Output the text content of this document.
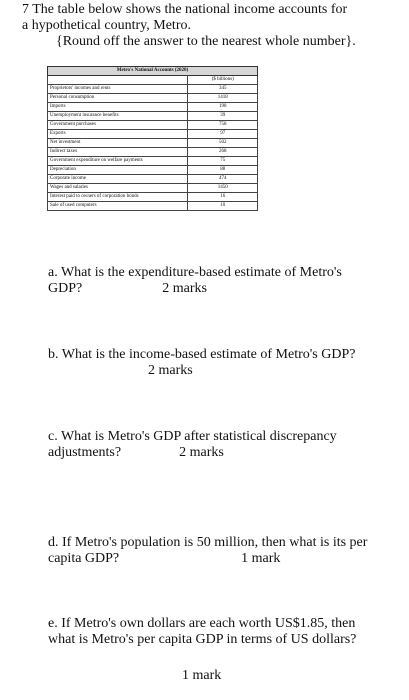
7 The table below shows the national income accounts for
a hypothetical country, Metro.
{Round off the answer to the nearest whole number}.
Metro's National Accounts (2020)	
	($ billions)
Proprietors' incomes and rents	345
Personal consumption	1418
Imports	198
Unemployment insurance benefits	39
Government purchases	758
Exports	97
Net investment	502
Indirect taxes	268
Government expenditure on welfare payments	75
Depreciation	88
Corporate income	474
Wages and salaries	1450
Interest paid to owners of corporation bonds	16
Sale of used computers	10
a. What is the expenditure-based estimate of Metro's
GDP?	2 marks
b. What is the income-based estimate of Metro's GDP?
2 marks
c. What is Metro's GDP after statistical discrepancy
adjustments?	2 marks
d. If Metro's population is 50 million, then what is its per
capita GDP?	1 mark
e. If Metro's own dollars are each worth US$1.85, then
what is Metro's per capita GDP in terms of US dollars?
1 mark
